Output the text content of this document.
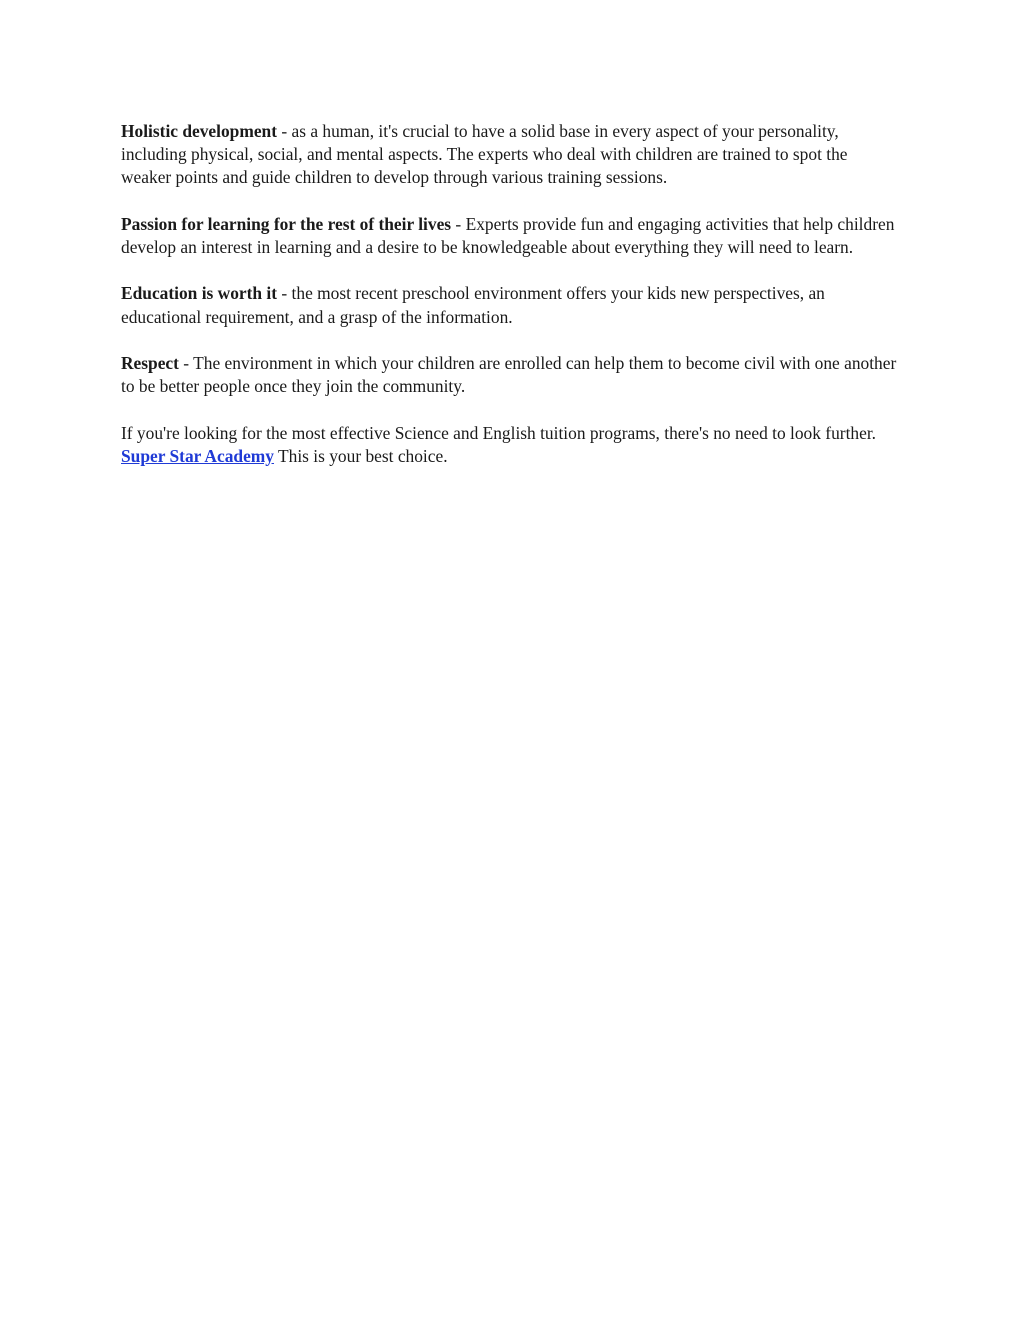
Holistic development - as a human, it's crucial to have a solid base in every aspect of your personality, including physical, social, and mental aspects. The experts who deal with children are trained to spot the weaker points and guide children to develop through various training sessions.

Passion for learning for the rest of their lives - Experts provide fun and engaging activities that help children develop an interest in learning and a desire to be knowledgeable about everything they will need to learn.

Education is worth it - the most recent preschool environment offers your kids new perspectives, an educational requirement, and a grasp of the information.

Respect - The environment in which your children are enrolled can help them to become civil with one another to be better people once they join the community.

If you're looking for the most effective Science and English tuition programs, there's no need to look further. Super Star Academy This is your best choice.
